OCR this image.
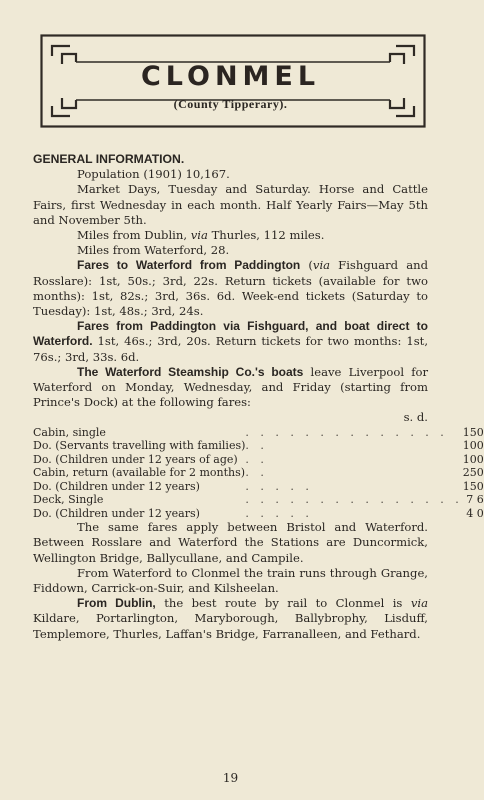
CLONMEL
(County Tipperary).
GENERAL INFORMATION.

Population (1901) 10,167.

Market Days, Tuesday and Saturday. Horse and Cattle Fairs, first Wednesday in each month. Half Yearly Fairs—May 5th and November 5th.

Miles from Dublin, via Thurles, 112 miles.

Miles from Waterford, 28.

Fares to Waterford from Paddington (via Fishguard and Rosslare): 1st, 50s.; 3rd, 22s. Return tickets (available for two months): 1st, 82s.; 3rd, 36s. 6d. Week-end tickets (Saturday to Tuesday): 1st, 48s.; 3rd, 24s.

Fares from Paddington via Fishguard, and boat direct to Waterford. 1st, 46s.; 3rd, 20s. Return tickets for two months: 1st, 76s.; 3rd, 33s. 6d.

The Waterford Steamship Co.'s boats leave Liverpool for Waterford on Monday, Wednesday, and Friday (starting from Prince's Dock) at the following fares:

s. d.
Cabin, single	. . . . . . . . . . . . . .	15	0
Do. (Servants travelling with families)	. .	10	0
Do. (Children under 12 years of age)	. .	10	0
Cabin, return (available for 2 months)	. .	25	0
Do. (Children under 12 years)	. . . . .	15	0
Deck, Single	. . . . . . . . . . . . . . .	7	6
Do. (Children under 12 years)	. . . . .	4	0

The same fares apply between Bristol and Waterford. Between Rosslare and Waterford the Stations are Duncormick, Wellington Bridge, Ballycullane, and Campile.

From Waterford to Clonmel the train runs through Grange, Fiddown, Carrick-on-Suir, and Kilsheelan.

From Dublin, the best route by rail to Clonmel is via Kildare, Portarlington, Maryborough, Ballybrophy, Lisduff, Templemore, Thurles, Laffan's Bridge, Farranalleen, and Fethard.

19
